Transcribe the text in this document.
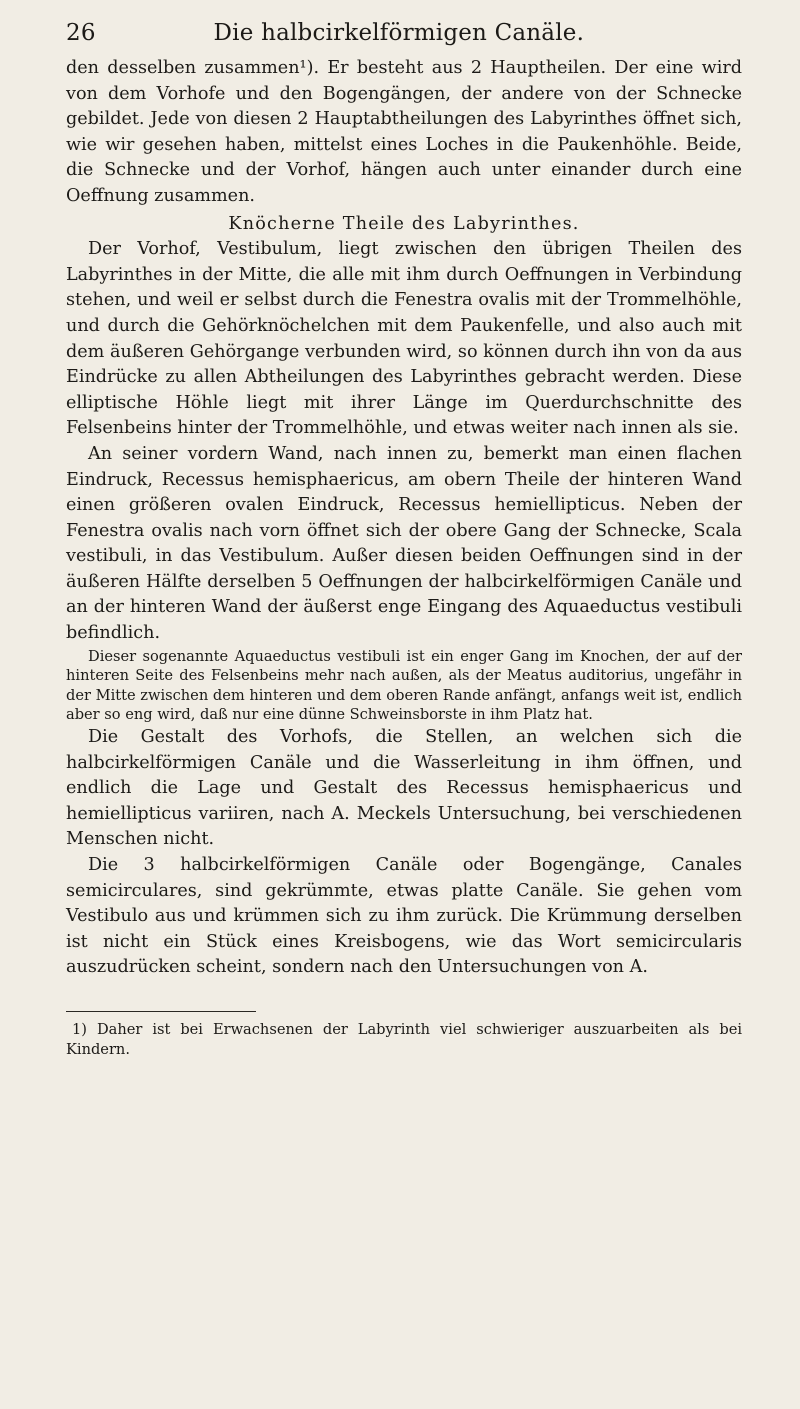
26	Die halbcirkelförmigen Canäle.

den desselben zusammen¹). Er besteht aus 2 Hauptheilen. Der eine wird von dem Vorhofe und den Bogengängen, der andere von der Schnecke gebildet. Jede von diesen 2 Hauptabtheilungen des Labyrinthes öffnet sich, wie wir gesehen haben, mittelst eines Loches in die Paukenhöhle. Beide, die Schnecke und der Vorhof, hängen auch unter einander durch eine Oeffnung zusammen.

Knöcherne Theile des Labyrinthes.

Der Vorhof, Vestibulum, liegt zwischen den übrigen Theilen des Labyrinthes in der Mitte, die alle mit ihm durch Oeffnungen in Verbindung stehen, und weil er selbst durch die Fenestra ovalis mit der Trommelhöhle, und durch die Gehörknöchelchen mit dem Paukenfelle, und also auch mit dem äußeren Gehörgange verbunden wird, so können durch ihn von da aus Eindrücke zu allen Abtheilungen des Labyrinthes gebracht werden. Diese elliptische Höhle liegt mit ihrer Länge im Querdurchschnitte des Felsenbeins hinter der Trommelhöhle, und etwas weiter nach innen als sie.

An seiner vordern Wand, nach innen zu, bemerkt man einen flachen Eindruck, Recessus hemisphaericus, am obern Theile der hinteren Wand einen größeren ovalen Eindruck, Recessus hemiellipticus. Neben der Fenestra ovalis nach vorn öffnet sich der obere Gang der Schnecke, Scala vestibuli, in das Vestibulum. Außer diesen beiden Oeffnungen sind in der äußeren Hälfte derselben 5 Oeffnungen der halbcirkelförmigen Canäle und an der hinteren Wand der äußerst enge Eingang des Aquaeductus vestibuli befindlich.

Dieser sogenannte Aquaeductus vestibuli ist ein enger Gang im Knochen, der auf der hinteren Seite des Felsenbeins mehr nach außen, als der Meatus auditorius, ungefähr in der Mitte zwischen dem hinteren und dem oberen Rande anfängt, anfangs weit ist, endlich aber so eng wird, daß nur eine dünne Schweinsborste in ihm Platz hat.

Die Gestalt des Vorhofs, die Stellen, an welchen sich die halbcirkelförmigen Canäle und die Wasserleitung in ihm öffnen, und endlich die Lage und Gestalt des Recessus hemisphaericus und hemiellipticus variiren, nach A. Meckels Untersuchung, bei verschiedenen Menschen nicht.

Die 3 halbcirkelförmigen Canäle oder Bogengänge, Canales semicirculares, sind gekrümmte, etwas platte Canäle. Sie gehen vom Vestibulo aus und krümmen sich zu ihm zurück. Die Krümmung derselben ist nicht ein Stück eines Kreisbogens, wie das Wort semicircularis auszudrücken scheint, sondern nach den Untersuchungen von A.

1) Daher ist bei Erwachsenen der Labyrinth viel schwieriger auszuarbeiten als bei Kindern.
